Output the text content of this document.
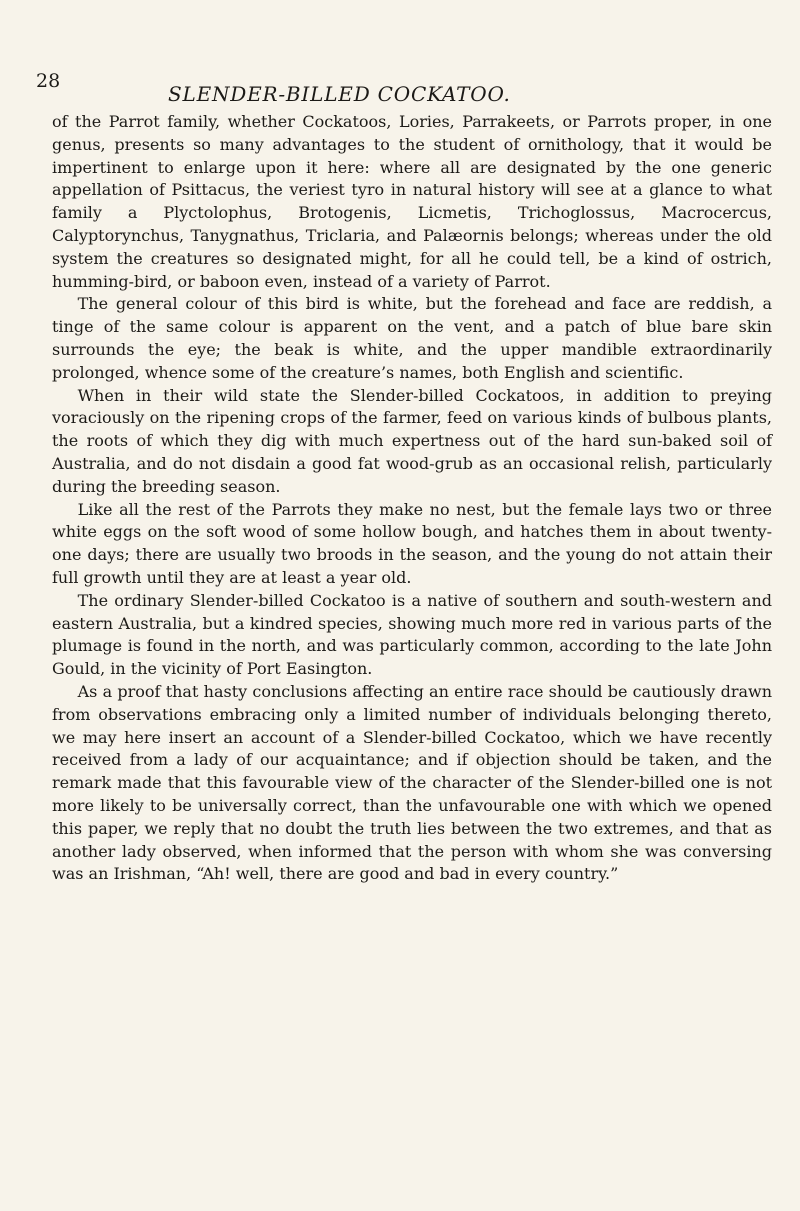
28
SLENDER-BILLED COCKATOO.

of the Parrot family, whether Cockatoos, Lories, Parrakeets, or Parrots proper, in one genus, presents so many advantages to the student of ornithology, that it would be impertinent to enlarge upon it here: where all are designated by the one generic appellation of Psittacus, the veriest tyro in natural history will see at a glance to what family a Plyctolophus, Brotogenis, Licmetis, Trichoglossus, Macrocercus, Calyptorynchus, Tanygnathus, Triclaria, and Palæornis belongs; whereas under the old system the creatures so designated might, for all he could tell, be a kind of ostrich, humming-bird, or baboon even, instead of a variety of Parrot.

The general colour of this bird is white, but the forehead and face are reddish, a tinge of the same colour is apparent on the vent, and a patch of blue bare skin surrounds the eye; the beak is white, and the upper mandible extraordinarily prolonged, whence some of the creature’s names, both English and scientific.

When in their wild state the Slender-billed Cockatoos, in addition to preying voraciously on the ripening crops of the farmer, feed on various kinds of bulbous plants, the roots of which they dig with much expertness out of the hard sun-baked soil of Australia, and do not disdain a good fat wood-grub as an occasional relish, particularly during the breeding season.

Like all the rest of the Parrots they make no nest, but the female lays two or three white eggs on the soft wood of some hollow bough, and hatches them in about twenty-one days; there are usually two broods in the season, and the young do not attain their full growth until they are at least a year old.

The ordinary Slender-billed Cockatoo is a native of southern and south-western and eastern Australia, but a kindred species, showing much more red in various parts of the plumage is found in the north, and was particularly common, according to the late John Gould, in the vicinity of Port Easington.

As a proof that hasty conclusions affecting an entire race should be cautiously drawn from observations embracing only a limited number of individuals belonging thereto, we may here insert an account of a Slender-billed Cockatoo, which we have recently received from a lady of our acquaintance; and if objection should be taken, and the remark made that this favourable view of the character of the Slender-billed one is not more likely to be universally correct, than the unfavourable one with which we opened this paper, we reply that no doubt the truth lies between the two extremes, and that as another lady observed, when informed that the person with whom she was conversing was an Irishman, “Ah! well, there are good and bad in every country.”
